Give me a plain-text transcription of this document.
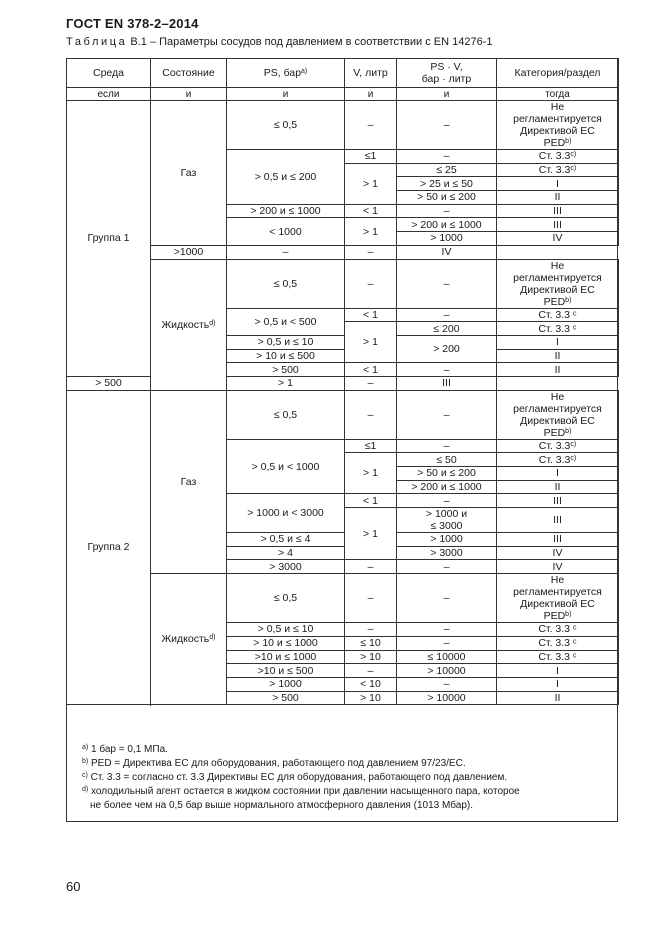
ГОСТ EN 378-2–2014
Таблица В.1 – Параметры сосудов под давлением в соответствии с EN 14276-1
Среда	Состояние	PS, бар$^{а)}$	V, литр	PS · V,
бар · литр	Категория/раздел
если	и	и	и	и	тогда
Группа 1	Газ	≤ 0,5	–	–	Не
регламентируется
Директивой ЕС
PED$^{b)}$

		> 0,5 и ≤ 200	≤1	–	Ст. 3.3$^{c)}$
			> 1	≤ 25	Ст. 3.3$^{c)}$
				> 25 и ≤ 50	I
				> 50 и ≤ 200	II
		> 200 и ≤ 1000	< 1	–	III
		< 1000	> 1	> 200 и ≤ 1000	III
				> 1000	IV
	>1000	–	–	IV	
	Жидкость$^{d)}$	≤ 0,5	–	–	Не
регламентируется
Директивой ЕС
PED$^{b)}$

		> 0,5 и < 500	< 1	–	Ст. 3.3 ᶜ
			> 1	≤ 200	Ст. 3.3 ᶜ
		> 0,5 и ≤ 10		> 200	I
		> 10 и ≤ 500			II
		> 500	< 1	–	II
> 500		> 1	–	III	
Группа 2	Газ	≤ 0,5	–	–	Не
регламентируется
Директивой ЕС
PED$^{b)}$

		> 0,5 и < 1000	≤1	–	Ст. 3.3$^{c)}$
			> 1	≤ 50	Ст. 3.3$^{c)}$
				> 50 и ≤ 200	I
				> 200 и ≤ 1000	II
		> 1000 и < 3000	< 1	–	III
			> 1	> 1000 и
≤ 3000	III

		> 0,5 и ≤ 4		> 1000	III
		> 4		> 3000	IV
		> 3000	–	–	IV
	Жидкость$^{d)}$	≤ 0,5	–	–	Не
регламентируется
Директивой ЕС
PED$^{b)}$

		> 0,5 и ≤ 10	–	–	Ст. 3.3 ᶜ
		> 10 и ≤ 1000	≤ 10	–	Ст. 3.3 ᶜ
		>10 и ≤ 1000	> 10	≤ 10000	Ст. 3.3 ᶜ
		>10 и ≤ 500	–	> 10000	I
		> 1000	< 10	–	I
		> 500	> 10	> 10000	II

$^{a)}$ 1 бар = 0,1 МПа.

$^{b)}$ PED = Директива ЕС для оборудования, работающего под давлением 97/23/ЕС.

$^{c)}$ Ст. 3.3 = согласно ст. 3.3 Директивы ЕС для оборудования, работающего под давлением.

$^{d)}$ холодильный агент остается в жидком состоянии при давлении насыщенного пара, которое

не более чем на 0,5 бар выше нормального атмосферного давления (1013 Мбар).

60
